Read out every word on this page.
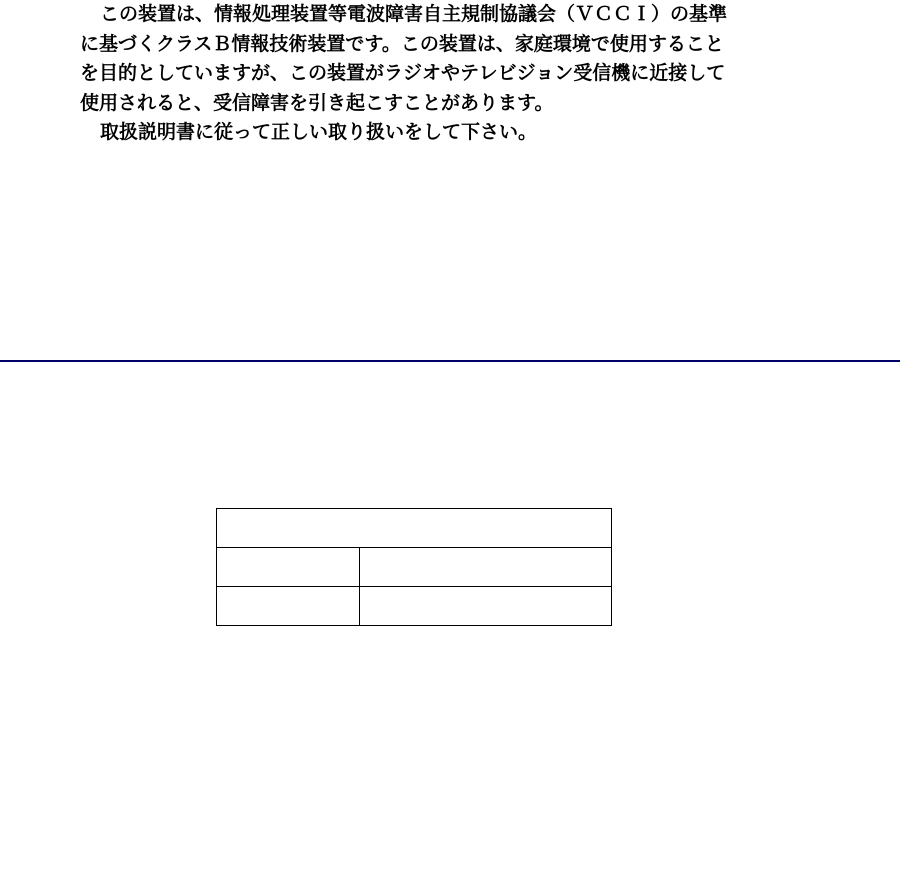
この装置は、情報処理装置等電波障害自主規制協議会（ＶＣＣＩ）の基準

に基づくクラスＢ情報技術装置です。この装置は、家庭環境で使用すること

を目的としていますが、この装置がラジオやテレビジョン受信機に近接して

使用されると、受信障害を引き起こすことがあります。

取扱説明書に従って正しい取り扱いをして下さい。
